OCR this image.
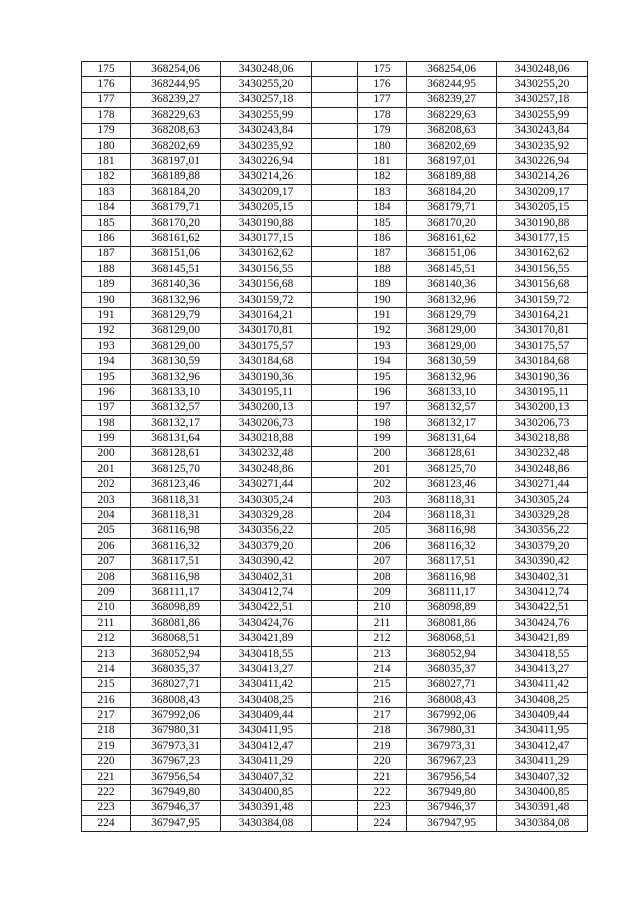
175	368254,06	3430248,06		175	368254,06	3430248,06
176	368244,95	3430255,20		176	368244,95	3430255,20
177	368239,27	3430257,18		177	368239,27	3430257,18
178	368229,63	3430255,99		178	368229,63	3430255,99
179	368208,63	3430243,84		179	368208,63	3430243,84
180	368202,69	3430235,92		180	368202,69	3430235,92
181	368197,01	3430226,94		181	368197,01	3430226,94
182	368189,88	3430214,26		182	368189,88	3430214,26
183	368184,20	3430209,17		183	368184,20	3430209,17
184	368179,71	3430205,15		184	368179,71	3430205,15
185	368170,20	3430190,88		185	368170,20	3430190,88
186	368161,62	3430177,15		186	368161,62	3430177,15
187	368151,06	3430162,62		187	368151,06	3430162,62
188	368145,51	3430156,55		188	368145,51	3430156,55
189	368140,36	3430156,68		189	368140,36	3430156,68
190	368132,96	3430159,72		190	368132,96	3430159,72
191	368129,79	3430164,21		191	368129,79	3430164,21
192	368129,00	3430170,81		192	368129,00	3430170,81
193	368129,00	3430175,57		193	368129,00	3430175,57
194	368130,59	3430184,68		194	368130,59	3430184,68
195	368132,96	3430190,36		195	368132,96	3430190,36
196	368133,10	3430195,11		196	368133,10	3430195,11
197	368132,57	3430200,13		197	368132,57	3430200,13
198	368132,17	3430206,73		198	368132,17	3430206,73
199	368131,64	3430218,88		199	368131,64	3430218,88
200	368128,61	3430232,48		200	368128,61	3430232,48
201	368125,70	3430248,86		201	368125,70	3430248,86
202	368123,46	3430271,44		202	368123,46	3430271,44
203	368118,31	3430305,24		203	368118,31	3430305,24
204	368118,31	3430329,28		204	368118,31	3430329,28
205	368116,98	3430356,22		205	368116,98	3430356,22
206	368116,32	3430379,20		206	368116,32	3430379,20
207	368117,51	3430390,42		207	368117,51	3430390,42
208	368116,98	3430402,31		208	368116,98	3430402,31
209	368111,17	3430412,74		209	368111,17	3430412,74
210	368098,89	3430422,51		210	368098,89	3430422,51
211	368081,86	3430424,76		211	368081,86	3430424,76
212	368068,51	3430421,89		212	368068,51	3430421,89
213	368052,94	3430418,55		213	368052,94	3430418,55
214	368035,37	3430413,27		214	368035,37	3430413,27
215	368027,71	3430411,42		215	368027,71	3430411,42
216	368008,43	3430408,25		216	368008,43	3430408,25
217	367992,06	3430409,44		217	367992,06	3430409,44
218	367980,31	3430411,95		218	367980,31	3430411,95
219	367973,31	3430412,47		219	367973,31	3430412,47
220	367967,23	3430411,29		220	367967,23	3430411,29
221	367956,54	3430407,32		221	367956,54	3430407,32
222	367949,80	3430400,85		222	367949,80	3430400,85
223	367946,37	3430391,48		223	367946,37	3430391,48
224	367947,95	3430384,08		224	367947,95	3430384,08
